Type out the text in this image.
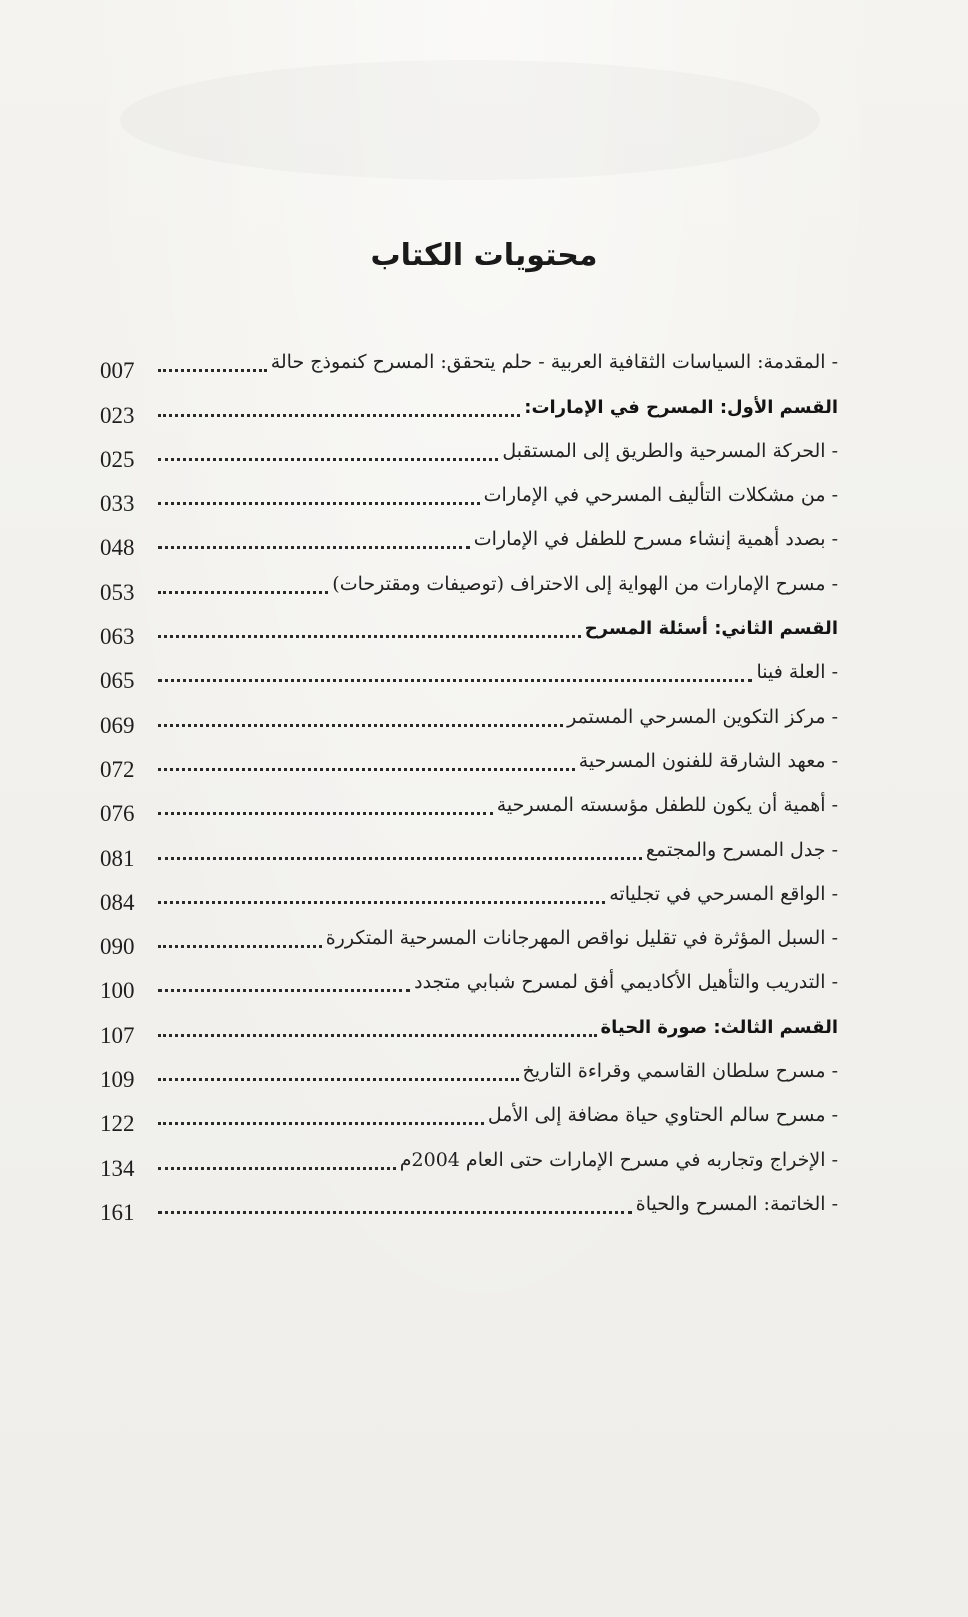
محتويات الكتاب
007	- المقدمة: السياسات الثقافية العربية - حلم يتحقق: المسرح كنموذج حالة
023	القسم الأول: المسرح في الإمارات:
025	- الحركة المسرحية والطريق إلى المستقبل
033	- من مشكلات التأليف المسرحي في الإمارات
048	- بصدد أهمية إنشاء مسرح للطفل في الإمارات
053	- مسرح الإمارات من الهواية إلى الاحتراف (توصيفات ومقترحات)
063	القسم الثاني: أسئلة المسرح
065	- العلة فينا
069	- مركز التكوين المسرحي المستمر
072	- معهد الشارقة للفنون المسرحية
076	- أهمية أن يكون للطفل مؤسسته المسرحية
081	- جدل المسرح والمجتمع
084	- الواقع المسرحي في تجلياته
090	- السبل المؤثرة في تقليل نواقص المهرجانات المسرحية المتكررة
100	- التدريب والتأهيل الأكاديمي أفق لمسرح شبابي متجدد
107	القسم الثالث: صورة الحياة
109	- مسرح سلطان القاسمي وقراءة التاريخ
122	- مسرح سالم الحتاوي حياة مضافة إلى الأمل
134	- الإخراج وتجاربه في مسرح الإمارات حتى العام 2004م
161	- الخاتمة: المسرح والحياة
